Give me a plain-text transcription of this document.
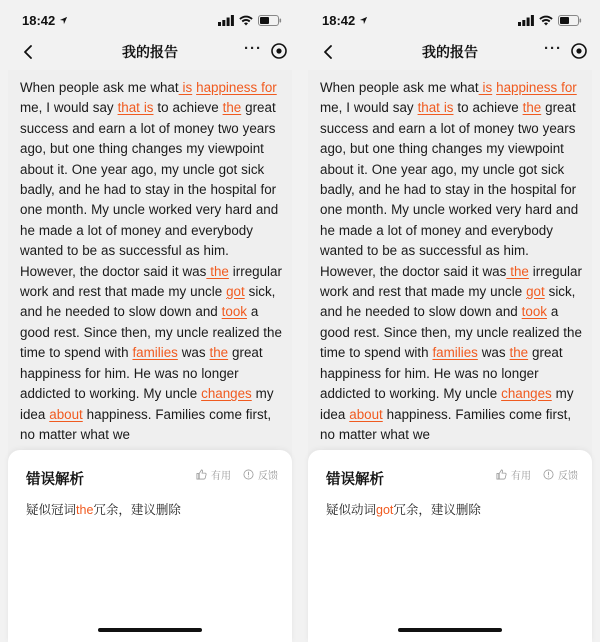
18:42
我的报告	···

When people ask me what is happiness for me, I would say that is to achieve the great success and earn a lot of money two years ago, but one thing changes my viewpoint about it. One year ago, my uncle got sick badly, and he had to stay in the hospital for one month. My uncle worked very hard and he made a lot of money and everybody wanted to be as successful as him. However, the doctor said it was the irregular work and rest that made my uncle got sick, and he needed to slow down and took a good rest. Since then, my uncle realized the time to spend with families was the great happiness for him. He was no longer addicted to working. My uncle changes my idea about happiness. Families come first, no matter what we

错误解析	有用	反馈
疑似冠词the冗余，建议删除
18:42
我的报告	···

When people ask me what is happiness for me, I would say that is to achieve the great success and earn a lot of money two years ago, but one thing changes my viewpoint about it. One year ago, my uncle got sick badly, and he had to stay in the hospital for one month. My uncle worked very hard and he made a lot of money and everybody wanted to be as successful as him. However, the doctor said it was the irregular work and rest that made my uncle got sick, and he needed to slow down and took a good rest. Since then, my uncle realized the time to spend with families was the great happiness for him. He was no longer addicted to working. My uncle changes my idea about happiness. Families come first, no matter what we

错误解析	有用	反馈
疑似动词got冗余，建议删除
